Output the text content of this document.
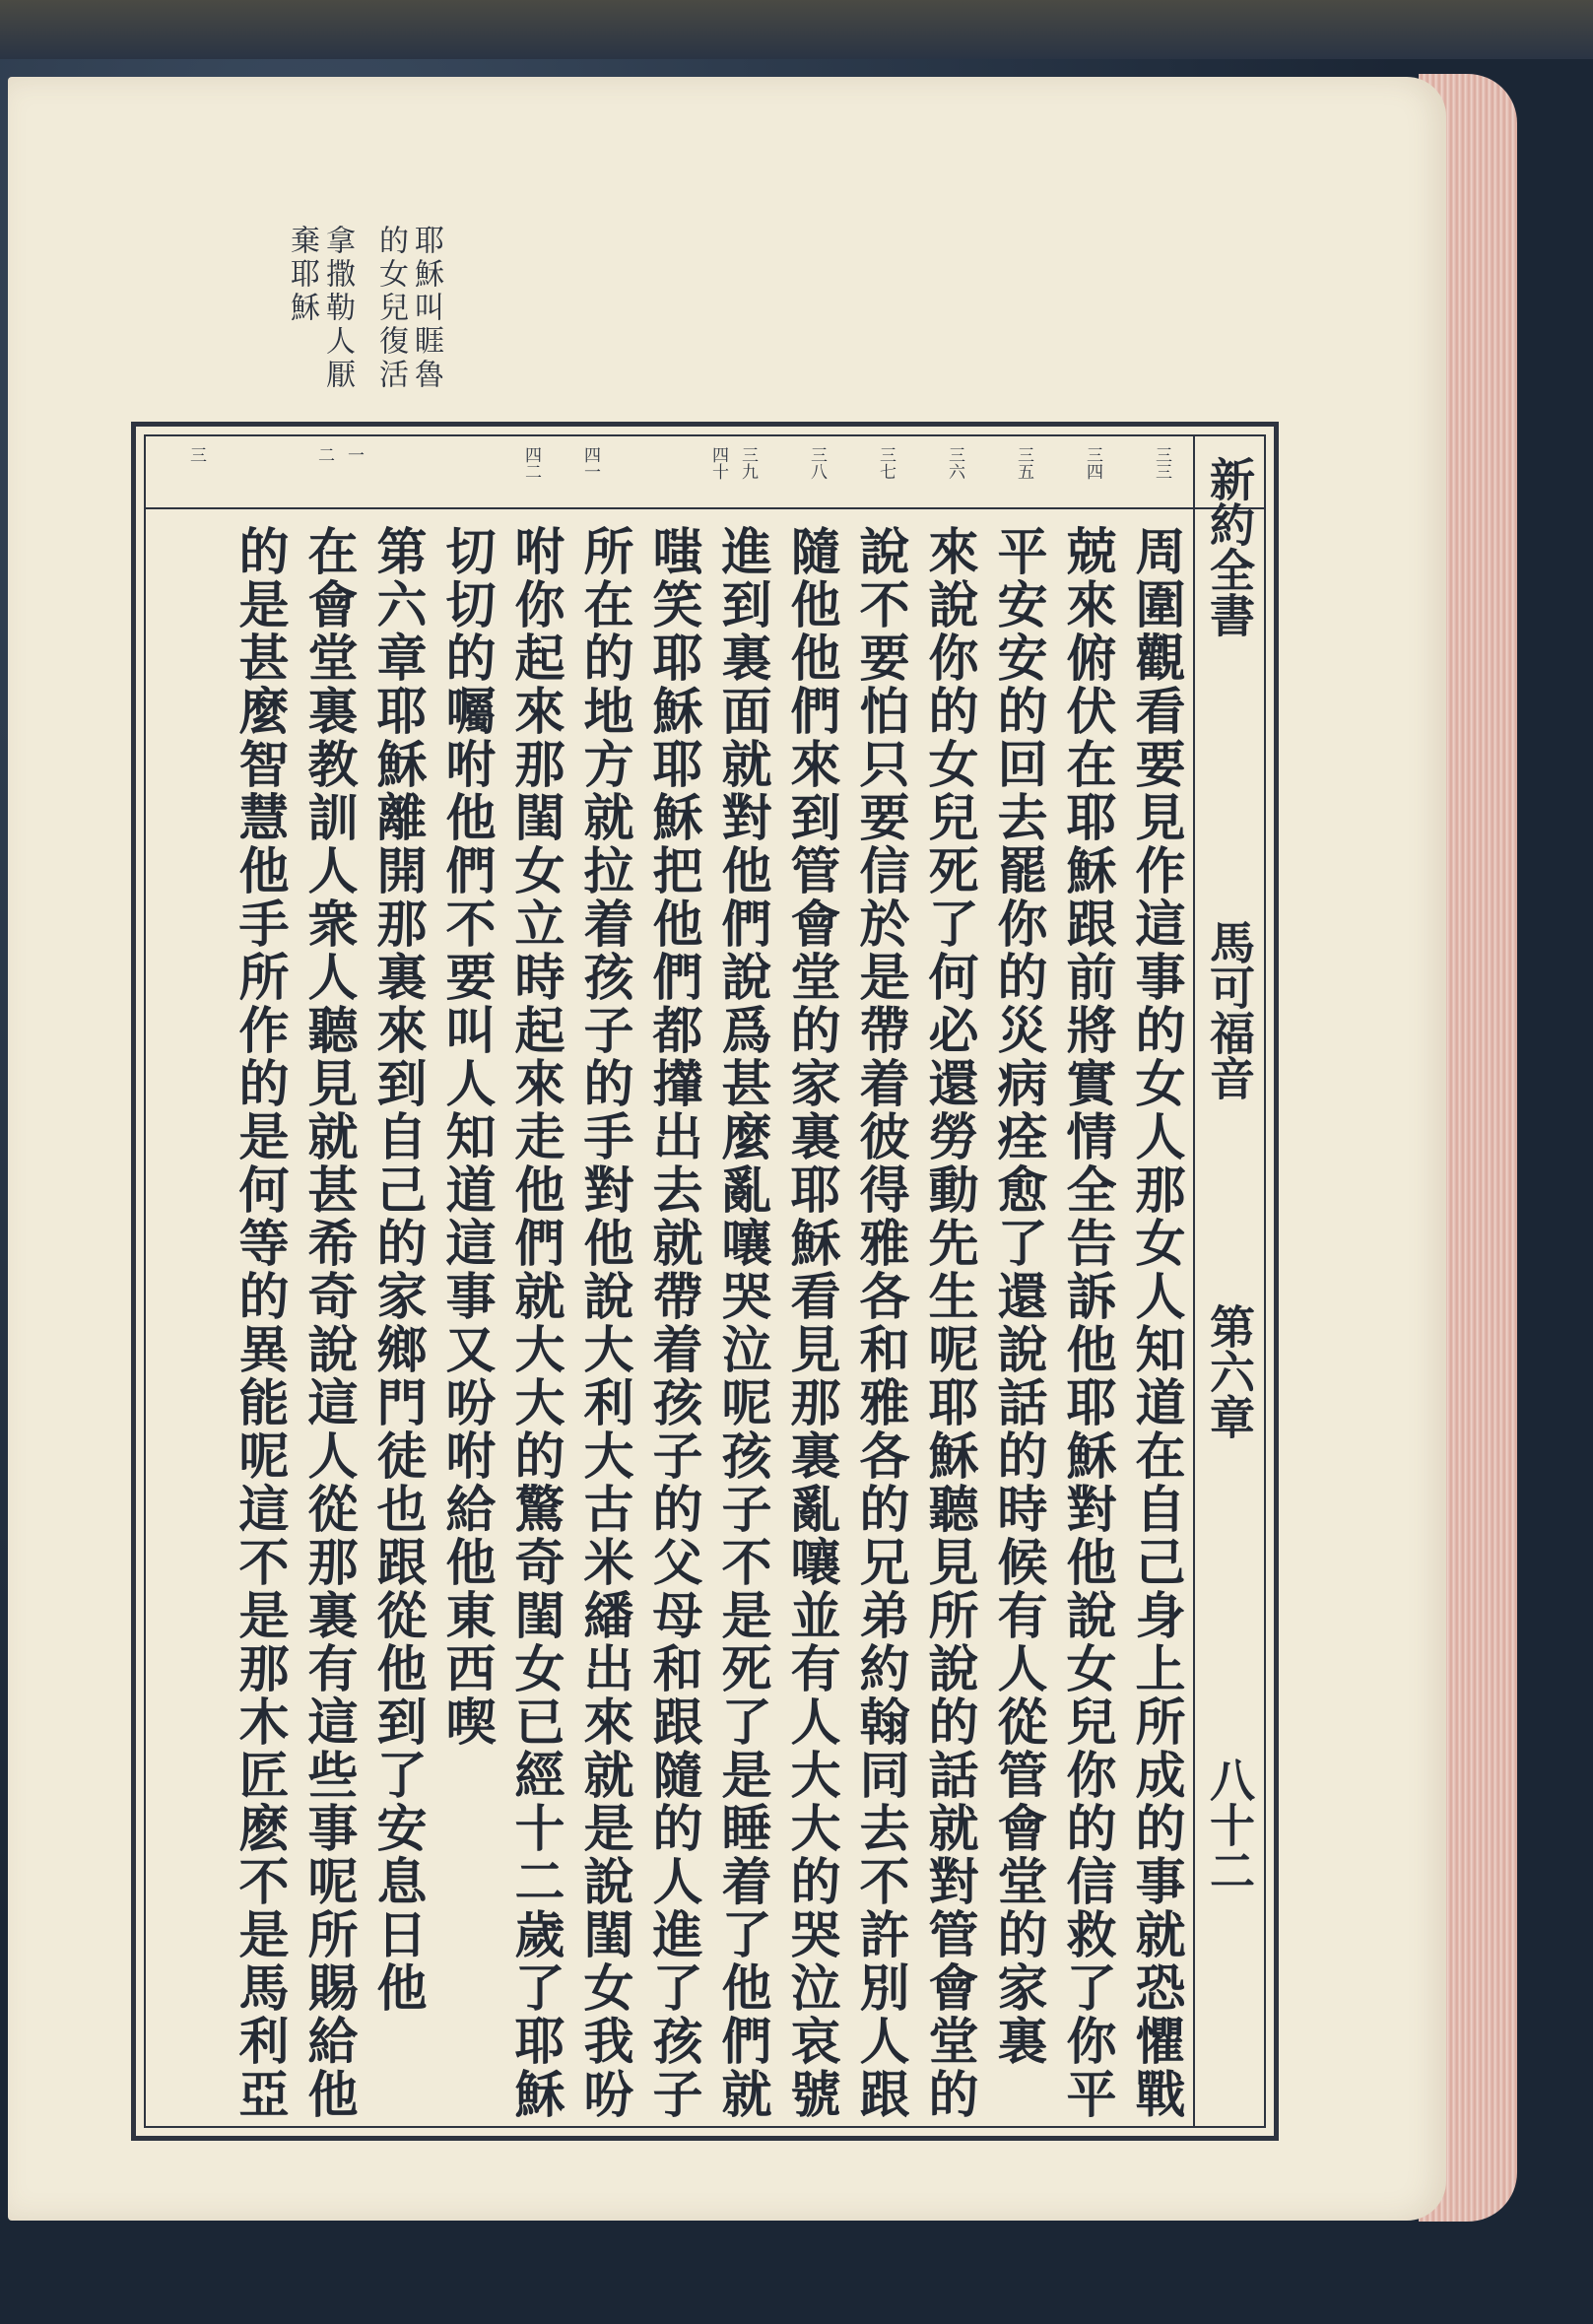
耶穌叫睚魯的女兒復活
拿撒勒人厭棄耶穌
三三
三四
三五
三六
三七
三八
三九
四十
四一
四二
一
二
三
新約全書
馬可福音
第六章
八十二
周圍觀看要見作這事的女人那女人知道在自己身上所成的事就恐懼戰
兢來俯伏在耶穌跟前將實情全告訴他耶穌對他說女兒你的信救了你平
平安安的回去罷你的災病痊愈了還說話的時候有人從管會堂的家裏
來說你的女兒死了何必還勞動先生呢耶穌聽見所說的話就對管會堂的
說不要怕只要信於是帶着彼得雅各和雅各的兄弟約翰同去不許別人跟
隨他他們來到管會堂的家裏耶穌看見那裏亂嚷並有人大大的哭泣哀號
進到裏面就對他們說爲甚麼亂嚷哭泣呢孩子不是死了是睡着了他們就
嗤笑耶穌耶穌把他們都攆出去就帶着孩子的父母和跟隨的人進了孩子
所在的地方就拉着孩子的手對他說大利大古米繙出來就是說閨女我吩
咐你起來那閨女立時起來走他們就大大的驚奇閨女已經十二歲了耶穌
切切的囑咐他們不要叫人知道這事又吩咐給他東西喫
第六章耶穌離開那裏來到自己的家鄉門徒也跟從他到了安息日他
在會堂裏教訓人衆人聽見就甚希奇說這人從那裏有這些事呢所賜給他
的是甚麼智慧他手所作的是何等的異能呢這不是那木匠麽不是馬利亞
